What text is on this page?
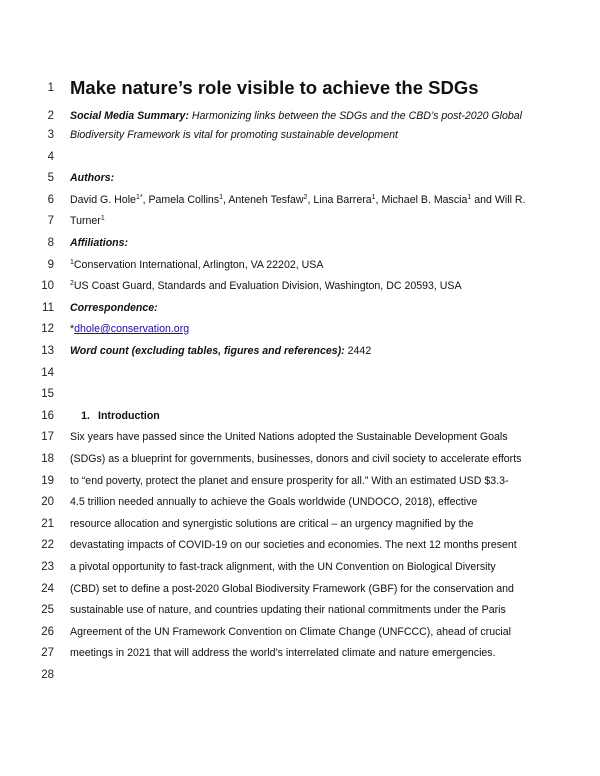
1
2
3
4
5
6
7
8
9
10
11
12
13
14
15
16
17
18
19
20
21
22
23
24
25
26
27
28
Make nature’s role visible to achieve the SDGs
Social Media Summary: Harmonizing links between the SDGs and the CBD’s post-2020 Global
Biodiversity Framework is vital for promoting sustainable development
Authors:
David G. Hole$^{1*}$, Pamela Collins$^1$, Anteneh Tesfaw$^2$, Lina Barrera$^1$, Michael B. Mascia$^1$ and Will R.
Turner$^1$
Affiliations:
$^1$Conservation International, Arlington, VA 22202, USA
$^2$US Coast Guard, Standards and Evaluation Division, Washington, DC 20593, USA
Correspondence:
*dhole@conservation.org
Word count (excluding tables, figures and references): 2442
1. Introduction
Six years have passed since the United Nations adopted the Sustainable Development Goals
(SDGs) as a blueprint for governments, businesses, donors and civil society to accelerate efforts
to “end poverty, protect the planet and ensure prosperity for all.” With an estimated USD $3.3-
4.5 trillion needed annually to achieve the Goals worldwide (UNDOCO, 2018), effective
resource allocation and synergistic solutions are critical – an urgency magnified by the
devastating impacts of COVID-19 on our societies and economies. The next 12 months present
a pivotal opportunity to fast-track alignment, with the UN Convention on Biological Diversity
(CBD) set to define a post-2020 Global Biodiversity Framework (GBF) for the conservation and
sustainable use of nature, and countries updating their national commitments under the Paris
Agreement of the UN Framework Convention on Climate Change (UNFCCC), ahead of crucial
meetings in 2021 that will address the world’s interrelated climate and nature emergencies.
